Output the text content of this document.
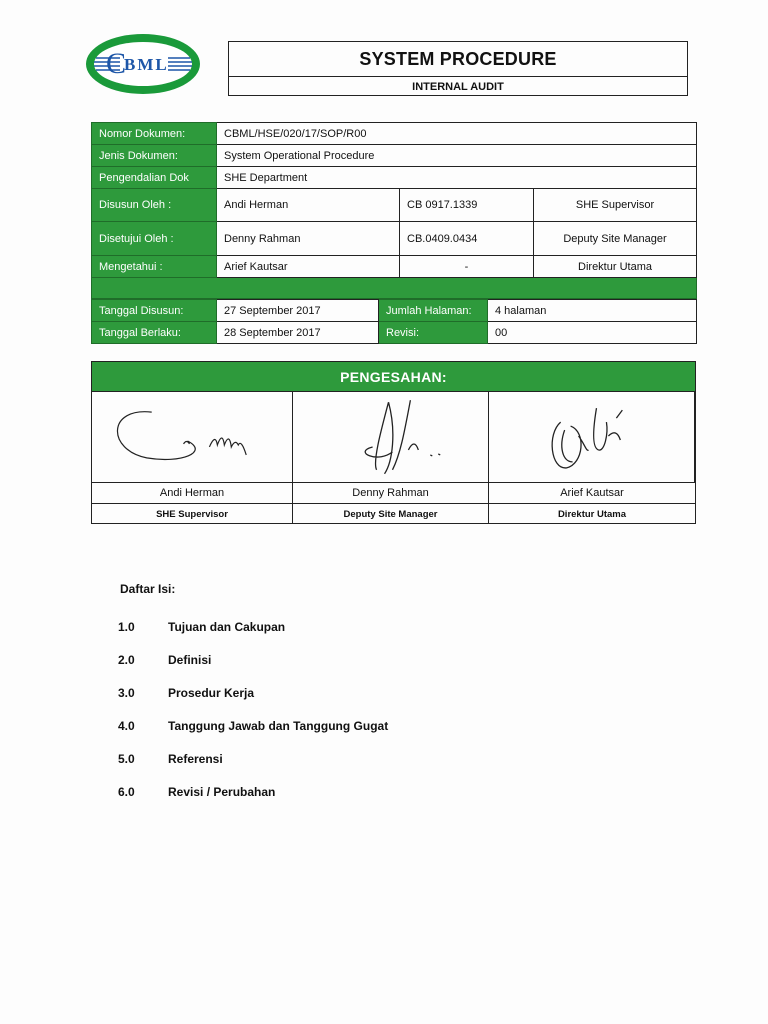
C
BML	SYSTEM PROCEDURE
INTERNAL AUDIT
Nomor Dokumen:	CBML/HSE/020/17/SOP/R00		
Jenis Dokumen:	System Operational Procedure		
Pengendalian Dok	SHE Department		
Disusun Oleh :	Andi Herman	CB 0917.1339	SHE Supervisor
Disetujui Oleh :	Denny Rahman	CB.0409.0434	Deputy Site Manager
Mengetahui :	Arief Kautsar	-	Direktur Utama

Tanggal Disusun:	27 September 2017	Jumlah Halaman:	4 halaman
Tanggal Berlaku:	28 September 2017	Revisi:	00
PENGESAHAN:
Andi Herman	Denny Rahman	Arief Kautsar
SHE Supervisor	Deputy Site Manager	Direktur Utama
Daftar Isi:
1.0	Tujuan dan Cakupan
2.0	Definisi
3.0	Prosedur Kerja
4.0	Tanggung Jawab dan Tanggung Gugat
5.0	Referensi
6.0	Revisi / Perubahan
